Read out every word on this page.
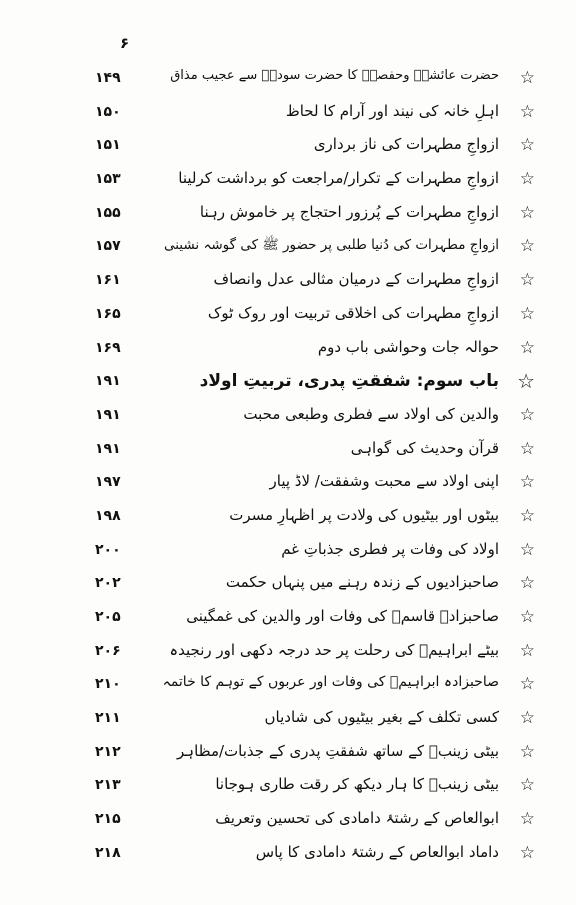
۶
☆
حضرت عائشہؓ وحفصہؓ کا حضرت سودہؓ سے عجیب مذاق
۱۴۹
☆
اہلِ خانہ کی نیند اور آرام کا لحاظ
۱۵۰
☆
ازواجِ مطہرات کی ناز برداری
۱۵۱
☆
ازواجِ مطہرات کے تکرار/مراجعت کو برداشت کرلینا
۱۵۳
☆
ازواجِ مطہرات کے پُرزور احتجاج پر خاموش رہنا
۱۵۵
☆
ازواجِ مطہرات کی دُنیا طلبی پر حضور ﷺ کی گوشہ نشینی
۱۵۷
☆
ازواجِ مطہرات کے درمیان مثالی عدل وانصاف
۱۶۱
☆
ازواجِ مطہرات کی اخلاقی تربیت اور روک ٹوک
۱۶۵
☆
حوالہ جات وحواشی باب دوم
۱۶۹
☆
باب سوم: شفقتِ پدری، تربیتِ اولاد
۱۹۱
☆
والدین کی اولاد سے فطری وطبعی محبت
۱۹۱
☆
قرآن وحدیث کی گواہی
۱۹۱
☆
اپنی اولاد سے محبت وشفقت/ لاڈ پیار
۱۹۷
☆
بیٹوں اور بیٹیوں کی ولادت پر اظہارِ مسرت
۱۹۸
☆
اولاد کی وفات پر فطری جذباتِ غم
۲۰۰
☆
صاحبزادیوں کے زندہ رہنے میں پنہاں حکمت
۲۰۲
☆
صاحبزادہ قاسمؓ کی وفات اور والدین کی غمگینی
۲۰۵
☆
بیٹے ابراہیمؓ کی رحلت پر حد درجہ دکھی اور رنجیدہ
۲۰۶
☆
صاحبزادہ ابراہیمؓ کی وفات اور عربوں کے توہم کا خاتمہ
۲۱۰
☆
کسی تکلف کے بغیر بیٹیوں کی شادیاں
۲۱۱
☆
بیٹی زینبؓ کے ساتھ شفقتِ پدری کے جذبات/مظاہر
۲۱۲
☆
بیٹی زینبؓ کا ہار دیکھ کر رقت طاری ہوجانا
۲۱۳
☆
ابوالعاص کے رشتۂ دامادی کی تحسین وتعریف
۲۱۵
☆
داماد ابوالعاص کے رشتۂ دامادی کا پاس
۲۱۸
